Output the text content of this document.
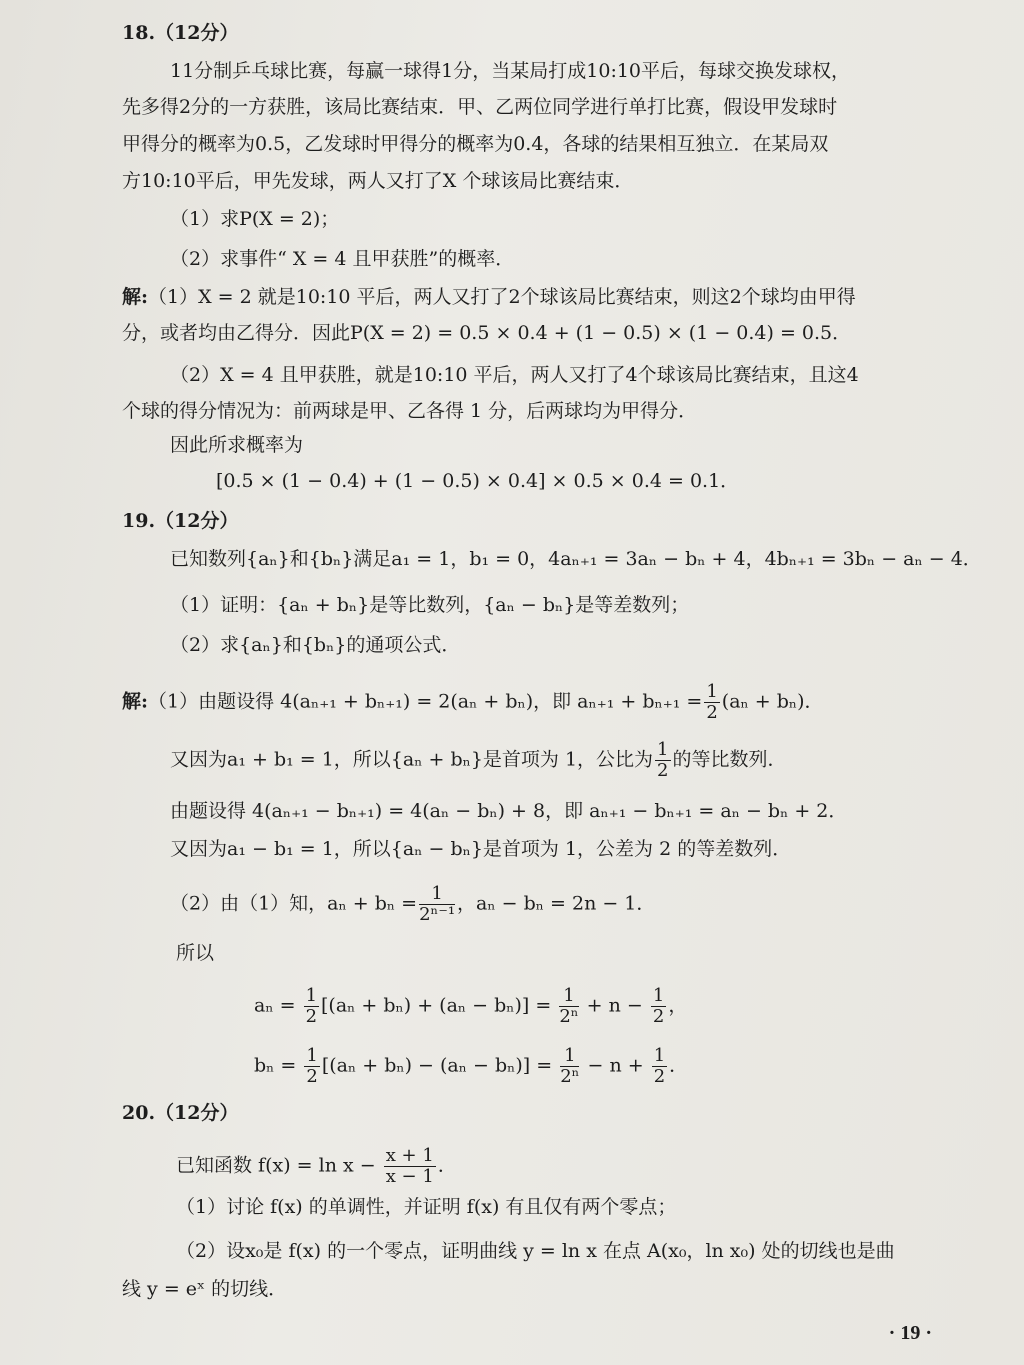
18.（12分）
11分制乒乓球比赛，每赢一球得1分，当某局打成10:10平后，每球交换发球权，
先多得2分的一方获胜，该局比赛结束．甲、乙两位同学进行单打比赛，假设甲发球时
甲得分的概率为0.5，乙发球时甲得分的概率为0.4，各球的结果相互独立．在某局双
方10:10平后，甲先发球，两人又打了X 个球该局比赛结束．
（1）求P(X = 2)；
（2）求事件“ X = 4 且甲获胜”的概率．
解:（1）X = 2 就是10:10 平后，两人又打了2个球该局比赛结束，则这2个球均由甲得
分，或者均由乙得分．因此P(X = 2) = 0.5 × 0.4 + (1 − 0.5) × (1 − 0.4) = 0.5．
（2）X = 4 且甲获胜，就是10:10 平后，两人又打了4个球该局比赛结束，且这4
个球的得分情况为：前两球是甲、乙各得 1 分，后两球均为甲得分．
因此所求概率为
[0.5 × (1 − 0.4) + (1 − 0.5) × 0.4] × 0.5 × 0.4 = 0.1．
19.（12分）
已知数列{aₙ}和{bₙ}满足a₁ = 1，b₁ = 0，4aₙ₊₁ = 3aₙ − bₙ + 4，4bₙ₊₁ = 3bₙ − aₙ − 4．
（1）证明：{aₙ + bₙ}是等比数列，{aₙ − bₙ}是等差数列；
（2）求{aₙ}和{bₙ}的通项公式．
解:（1）由题设得 4(aₙ₊₁ + bₙ₊₁) = 2(aₙ + bₙ)，即 $a_{n+1} + b_{n+1} = \frac{1}{2} (a_n + b_n)$．
又因为a₁ + b₁ = 1，所以{aₙ + bₙ}是首项为 1，公比为 $\frac{1}{2}$ 的等比数列．
由题设得 4(aₙ₊₁ − bₙ₊₁) = 4(aₙ − bₙ) + 8，即 aₙ₊₁ − bₙ₊₁ = aₙ − bₙ + 2．
又因为a₁ − b₁ = 1，所以{aₙ − bₙ}是首项为 1，公差为 2 的等差数列．
（2）由（1）知，$a_n + b_n = \frac{1}{\text{2ⁿ⁻¹}}$ ，aₙ − bₙ = 2n − 1．
所以
$a_n = \frac{1}{2} [(a_n + b_n) + (a_n - b_n)] = \frac{1}{\text{2ⁿ}} + n - \frac{1}{2}$ ，
$b_n = \frac{1}{2} [(a_n + b_n) - (a_n - b_n)] = \frac{1}{\text{2ⁿ}} - n + \frac{1}{2}$ ．
20.（12分）
已知函数 $f(x) = \ln x - \frac{x + 1}{x - 1}$ ．
（1）讨论 f(x) 的单调性，并证明 f(x) 有且仅有两个零点；
（2）设x₀是 f(x) 的一个零点，证明曲线 y = ln x 在点 A(x₀，ln x₀) 处的切线也是曲
线 y = eˣ 的切线．
· 19 ·
